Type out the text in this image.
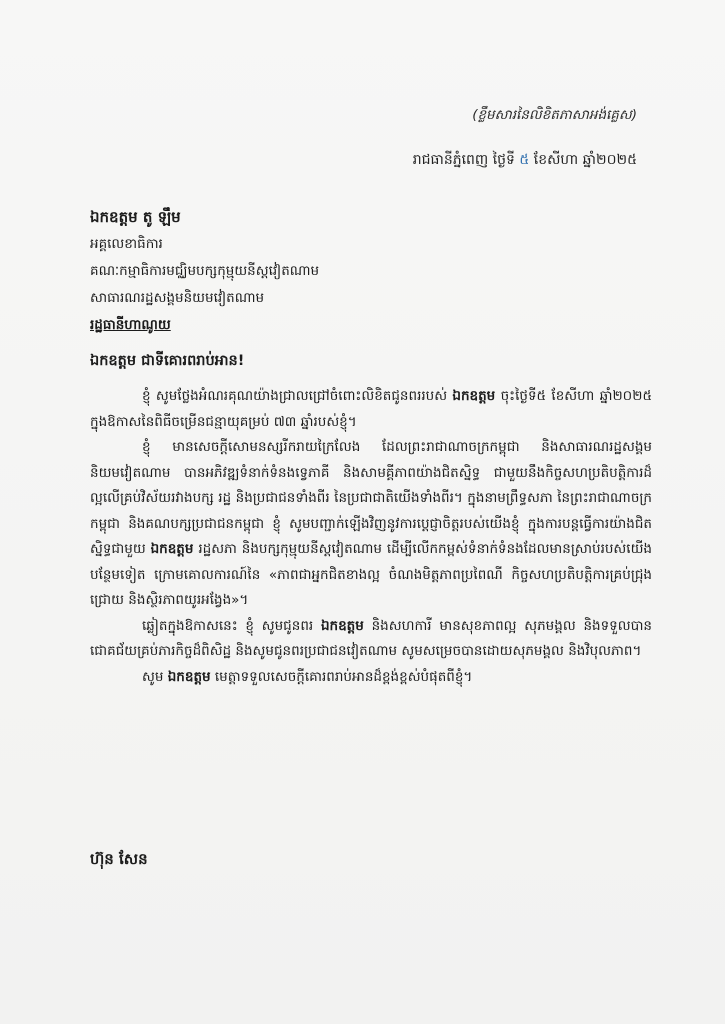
(ខ្លឹមសារនៃលិខិតភាសាអង់គ្លេស)
រាជធានីភ្នំពេញ ថ្ងៃទី ៥ ខែសីហា ឆ្នាំ២០២៥
ឯកឧត្តម តូ ឡឹម
អគ្គលេខាធិការ
គណៈកម្មាធិការមជ្ឈិមបក្សកុម្មុយនីស្តវៀតណាម
សាធារណរដ្ឋសង្គមនិយមវៀតណាម
រដ្ឋធានីហាណូយ
ឯកឧត្តម ជាទីគោរពរាប់អាន!

ខ្ញុំ សូមថ្លែងអំណរគុណយ៉ាងជ្រាលជ្រៅចំពោះលិខិតជូនពររបស់ ឯកឧត្តម ចុះថ្ងៃទី៥ ខែសីហា ឆ្នាំ២០២៥ ក្នុងឱកាសនៃពិធីចម្រើនជន្មាយុគម្រប់ ៧៣ ឆ្នាំរបស់ខ្ញុំ។

ខ្ញុំ មានសេចក្តីសោមនស្សរីករាយក្រៃលែង ដែលព្រះរាជាណាចក្រកម្ពុជា និងសាធារណរដ្ឋសង្គមនិយមវៀតណាម បានអភិវឌ្ឍទំនាក់ទំនងទ្វេភាគី និងសាមគ្គីភាពយ៉ាងជិតស្និទ្ធ ជាមួយនឹងកិច្ចសហប្រតិបត្តិការដ៏ល្អលើគ្រប់វិស័យរវាងបក្ស រដ្ឋ និងប្រជាជនទាំងពីរ នៃប្រជាជាតិយើងទាំងពីរ។ ក្នុងនាមព្រឹទ្ធសភា នៃព្រះរាជាណាចក្រកម្ពុជា និងគណបក្សប្រជាជនកម្ពុជា ខ្ញុំ សូមបញ្ជាក់ឡើងវិញនូវការប្តេជ្ញាចិត្តរបស់យើងខ្ញុំ ក្នុងការបន្តធ្វើការយ៉ាងជិតស្និទ្ធជាមួយ ឯកឧត្តម រដ្ឋសភា និងបក្សកុម្មុយនីស្តវៀតណាម ដើម្បីលើកកម្ពស់ទំនាក់ទំនងដែលមានស្រាប់របស់យើងបន្ថែមទៀត ក្រោមគោលការណ៍នៃ «ភាពជាអ្នកជិតខាងល្អ ចំណងមិត្តភាពប្រពៃណី កិច្ចសហប្រតិបត្តិការគ្រប់ជ្រុងជ្រោយ និងស្ថិរភាពយូរអង្វែង»។

ឆ្លៀតក្នុងឱកាសនេះ ខ្ញុំ សូមជូនពរ ឯកឧត្តម និងសហការី មានសុខភាពល្អ សុភមង្គល និងទទួលបានជោគជ័យគ្រប់ភារកិច្ចដ៏ពិសិដ្ឋ និងសូមជូនពរប្រជាជនវៀតណាម សូមសម្រេចបានដោយសុភមង្គល និងវិបុលភាព។

សូម ឯកឧត្តម មេត្តាទទួលសេចក្តីគោរពរាប់អានដ៏ខ្ពង់ខ្ពស់បំផុតពីខ្ញុំ។

ហ៊ុន សែន
